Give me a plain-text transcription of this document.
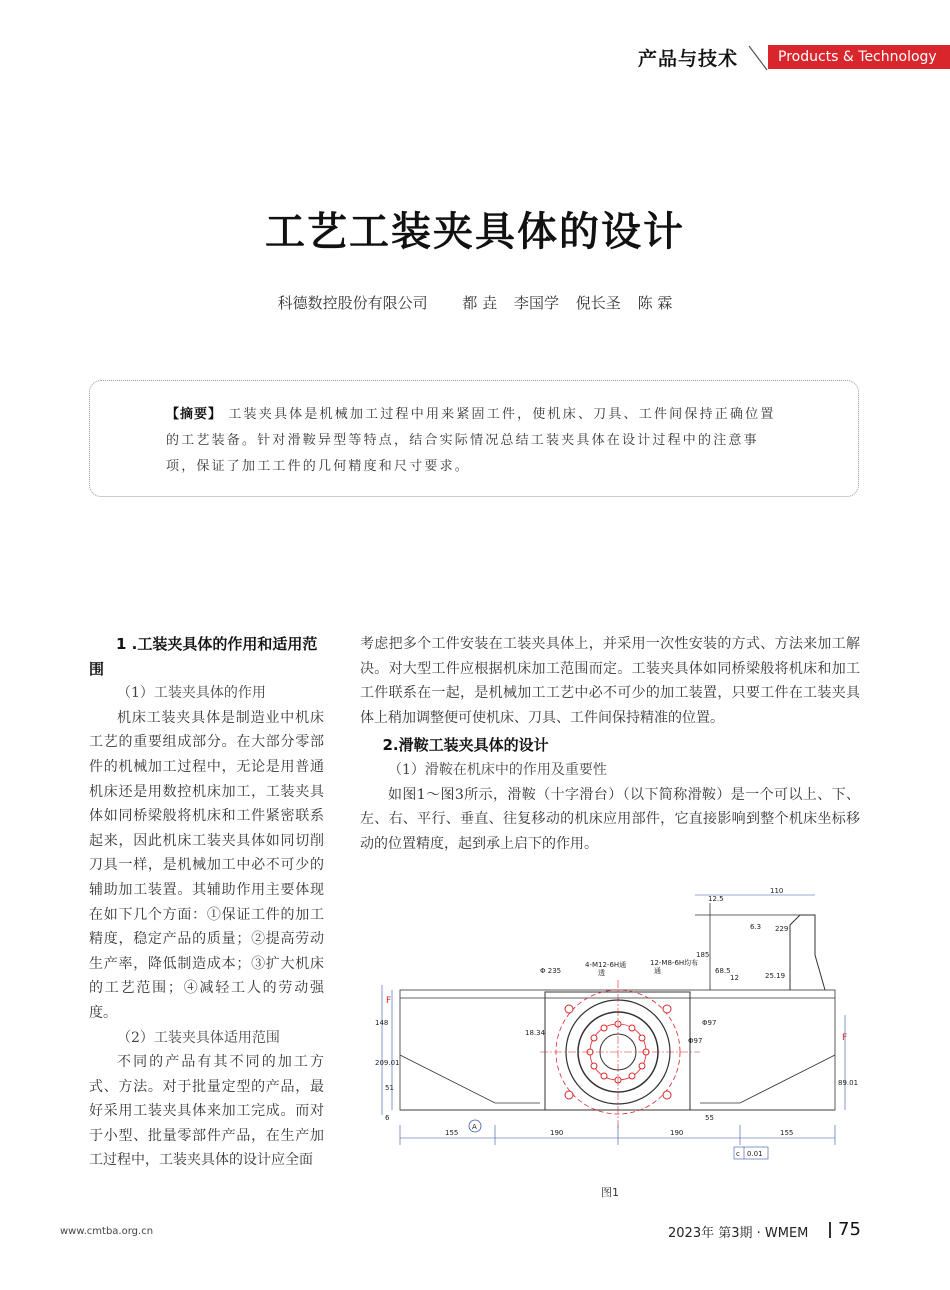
产品与技术	Products & Technology
工艺工装夹具体的设计
科德数控股份有限公司 都 垚 李国学 倪长圣 陈 霖
【摘要】 工装夹具体是机械加工过程中用来紧固工件，使机床、刀具、工件间保持正确位置的工艺装备。针对滑鞍异型等特点，结合实际情况总结工装夹具体在设计过程中的注意事项，保证了加工工件的几何精度和尺寸要求。
1 .工装夹具体的作用和适用范围

（1）工装夹具体的作用

机床工装夹具体是制造业中机床工艺的重要组成部分。在大部分零部件的机械加工过程中，无论是用普通机床还是用数控机床加工，工装夹具体如同桥梁般将机床和工件紧密联系起来，因此机床工装夹具体如同切削刀具一样，是机械加工中必不可少的辅助加工装置。其辅助作用主要体现在如下几个方面：①保证工件的加工精度，稳定产品的质量；②提高劳动生产率，降低制造成本；③扩大机床的工艺范围；④减轻工人的劳动强度。

（2）工装夹具体适用范围

不同的产品有其不同的加工方式、方法。对于批量定型的产品，最好采用工装夹具体来加工完成。而对于小型、批量零部件产品，在生产加工过程中，工装夹具体的设计应全面

考虑把多个工件安装在工装夹具体上，并采用一次性安装的方式、方法来加工解决。对大型工件应根据机床加工范围而定。工装夹具体如同桥梁般将机床和加工工件联系在一起，是机械加工工艺中必不可少的加工装置，只要工件在工装夹具体上稍加调整便可使机床、刀具、工件间保持精准的位置。

2.滑鞍工装夹具体的设计

（1）滑鞍在机床中的作用及重要性

如图1～图3所示，滑鞍（十字滑台）（以下简称滑鞍）是一个可以上、下、左、右、平行、垂直、往复移动的机床应用部件，它直接影响到整个机床坐标移动的位置精度，起到承上启下的作用。

110
12.5
6.3 229
185
68.5
25.19
12
Φ 235
Φ97
Φ97
4-M12-6H通
透
12-M8-6H均布
通
18.34
148
209.01
51
6
155	190	190	155
55
89.01
c 0.01
A
F
F
图1
www.cmtba.org.cn	2023年 第3期 · WMEM 75
